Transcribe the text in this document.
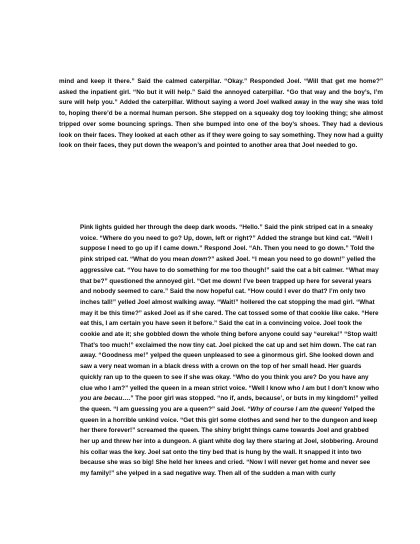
mind and keep it there.” Said the calmed caterpillar. “Okay.” Responded Joel. “Will that get me home?” asked the inpatient girl. “No but it will help.” Said the annoyed caterpillar. “Go that way and the boy’s, I’m sure will help you.” Added the caterpillar. Without saying a word Joel walked away in the way she was told to, hoping there’d be a normal human person. She stepped on a squeaky dog toy looking thing; she almost tripped over some bouncing springs. Then she bumped into one of the boy’s shoes. They had a devious look on their faces. They looked at each other as if they were going to say something. They now had a guilty look on their faces, they put down the weapon’s and pointed to another area that Joel needed to go.

Pink lights guided her through the deep dark woods. “Hello.” Said the pink striped cat in a sneaky voice. “Where do you need to go? Up, down, left or right?” Added the strange but kind cat. “Well I suppose I need to go up if I came down.” Respond Joel. “Ah. Then you need to go down.” Told the pink striped cat. “What do you mean down?” asked Joel. “I mean you need to go down!” yelled the aggressive cat. “You have to do something for me too though!” said the cat a bit calmer. “What may that be?” questioned the annoyed girl. “Get me down! I’ve been trapped up here for several years and nobody seemed to care.” Said the now hopeful cat. “How could I ever do that? I’m only two inches tall!” yelled Joel almost walking away. “Wait!” hollered the cat stopping the mad girl. “What may it be this time?” asked Joel as if she cared. The cat tossed some of that cookie like cake. “Here eat this, I am certain you have seen it before.” Said the cat in a convincing voice. Joel took the cookie and ate it; she gobbled down the whole thing before anyone could say “eureka!” “Stop wait! That’s too much!” exclaimed the now tiny cat. Joel picked the cat up and set him down. The cat ran away. “Goodness me!” yelped the queen unpleased to see a ginormous girl. She looked down and saw a very neat woman in a black dress with a crown on the top of her small head. Her guards quickly ran up to the queen to see if she was okay. “Who do you think you are? Do you have any clue who I am?” yelled the queen in a mean strict voice. “Well I know who I am but I don’t know who you are becau….” The poor girl was stopped. “no if, ands, because’, or buts in my kingdom!” yelled the queen. “I am guessing you are a queen?” said Joel. “Why of course I am the queen! Yelped the queen in a horrible unkind voice. “Get this girl some clothes and send her to the dungeon and keep her there forever!” screamed the queen. The shiny bright things came towards Joel and grabbed her up and threw her into a dungeon. A giant white dog lay there staring at Joel, slobbering. Around his collar was the key. Joel sat onto the tiny bed that is hung by the wall. It snapped it into two because she was so big! She held her knees and cried. “Now I will never get home and never see my family!” she yelped in a sad negative way. Then all of the sudden a man with curly
